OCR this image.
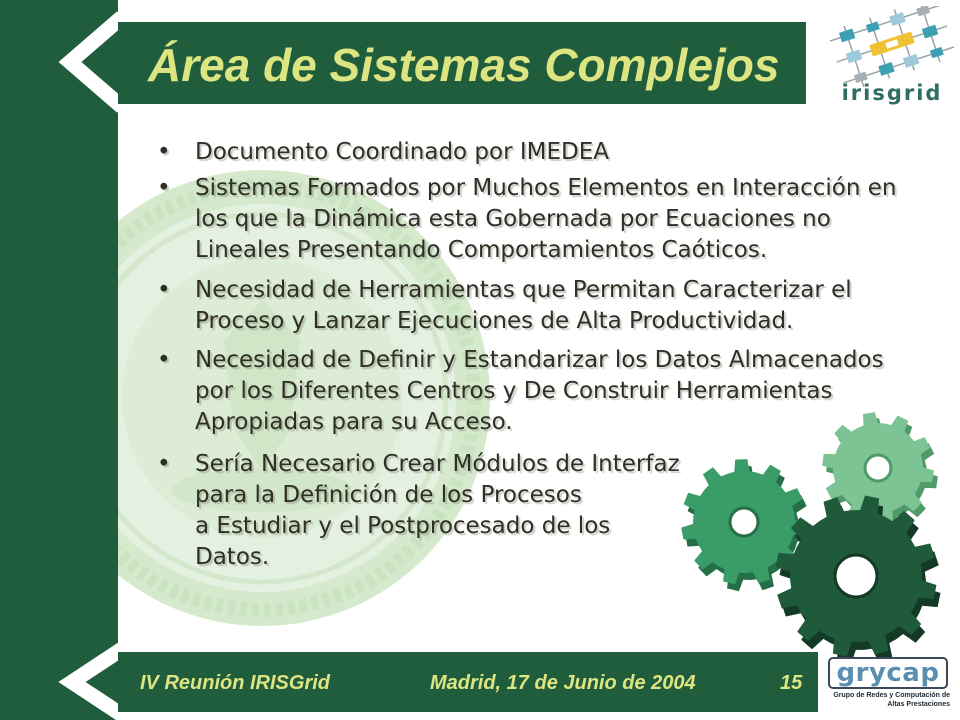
Área de Sistemas Complejos
irisgrid
• Documento Coordinado por IMEDEA
• Sistemas Formados por Muchos Elementos en Interacción en
los que la Dinámica esta Gobernada por Ecuaciones no
Lineales Presentando Comportamientos Caóticos.
• Necesidad de Herramientas que Permitan Caracterizar el
Proceso y Lanzar Ejecuciones de Alta Productividad.
• Necesidad de Definir y Estandarizar los Datos Almacenados
por los Diferentes Centros y De Construir Herramientas
Apropiadas para su Acceso.
• Sería Necesario Crear Módulos de Interfaz
para la Definición de los Procesos
a Estudiar y el Postprocesado de los
Datos.
IV Reunión IRISGrid	Madrid, 17 de Junio de 2004	15 grycap
Grupo de Redes y Computación de
Altas Prestaciones
